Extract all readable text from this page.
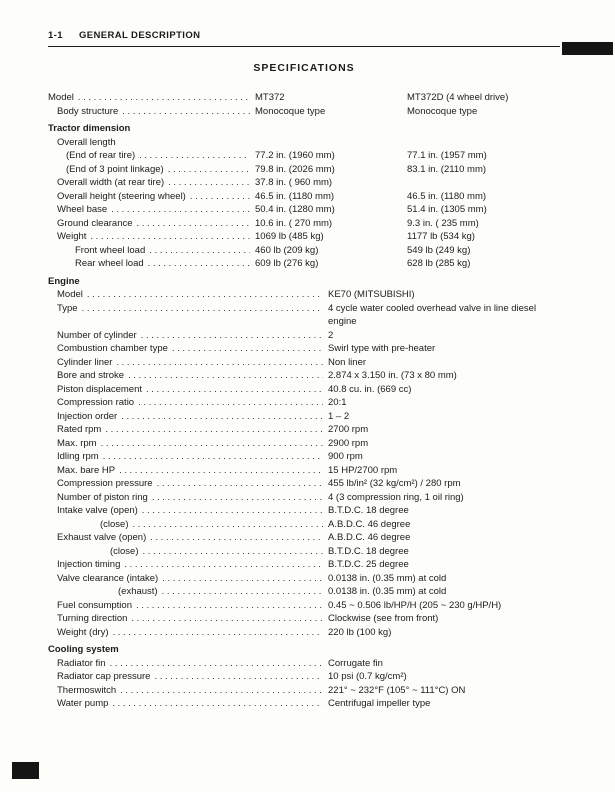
1-1 GENERAL DESCRIPTION
SPECIFICATIONS
Model .....	MT372	MT372D (4 wheel drive)
Body structure .....	Monocoque type	Monocoque type
Tractor dimension
Overall length
(End of rear tire) .....	77.2 in. (1960 mm)	77.1 in. (1957 mm)
(End of 3 point linkage) .....	79.8 in. (2026 mm)	83.1 in. (2110 mm)
Overall width (at rear tire) .....	37.8 in. ( 960 mm)
Overall height (steering wheel) .....	46.5 in. (1180 mm)	46.5 in. (1180 mm)
Wheel base .....	50.4 in. (1280 mm)	51.4 in. (1305 mm)
Ground clearance .....	10.6 in. ( 270 mm)	9.3 in. ( 235 mm)
Weight .....	1069 lb (485 kg)	1177 lb (534 kg)
Front wheel load .....	460 lb (209 kg)	549 lb (249 kg)
Rear wheel load .....	609 lb (276 kg)	628 lb (285 kg)
Engine
Model .....	KE70 (MITSUBISHI)
Type .....	4 cycle water cooled overhead valve in line diesel engine
Number of cylinder .....	2
Combustion chamber type .....	Swirl type with pre-heater
Cylinder liner .....	Non liner
Bore and stroke .....	2.874 x 3.150 in. (73 x 80 mm)
Piston displacement .....	40.8 cu. in. (669 cc)
Compression ratio .....	20:1
Injection order .....	1 – 2
Rated rpm .....	2700 rpm
Max. rpm .....	2900 rpm
Idling rpm .....	900 rpm
Max. bare HP .....	15 HP/2700 rpm
Compression pressure .....	455 lb/in² (32 kg/cm²) / 280 rpm
Number of piston ring .....	4 (3 compression ring, 1 oil ring)
Intake valve (open) .....	B.T.D.C. 18 degree
(close) .....	A.B.D.C. 46 degree
Exhaust valve (open) .....	A.B.D.C. 46 degree
(close) .....	B.T.D.C. 18 degree
Injection timing .....	B.T.D.C. 25 degree
Valve clearance (intake) .....	0.0138 in. (0.35 mm) at cold
(exhaust) .....	0.0138 in. (0.35 mm) at cold
Fuel consumption .....	0.45 ~ 0.506 lb/HP/H (205 ~ 230 g/HP/H)
Turning direction .....	Clockwise (see from front)
Weight (dry) .....	220 lb (100 kg)
Cooling system
Radiator fin .....	Corrugate fin
Radiator cap pressure .....	10 psi (0.7 kg/cm²)
Thermoswitch .....	221° ~ 232°F (105° ~ 111°C) ON
Water pump .....	Centrifugal impeller type
